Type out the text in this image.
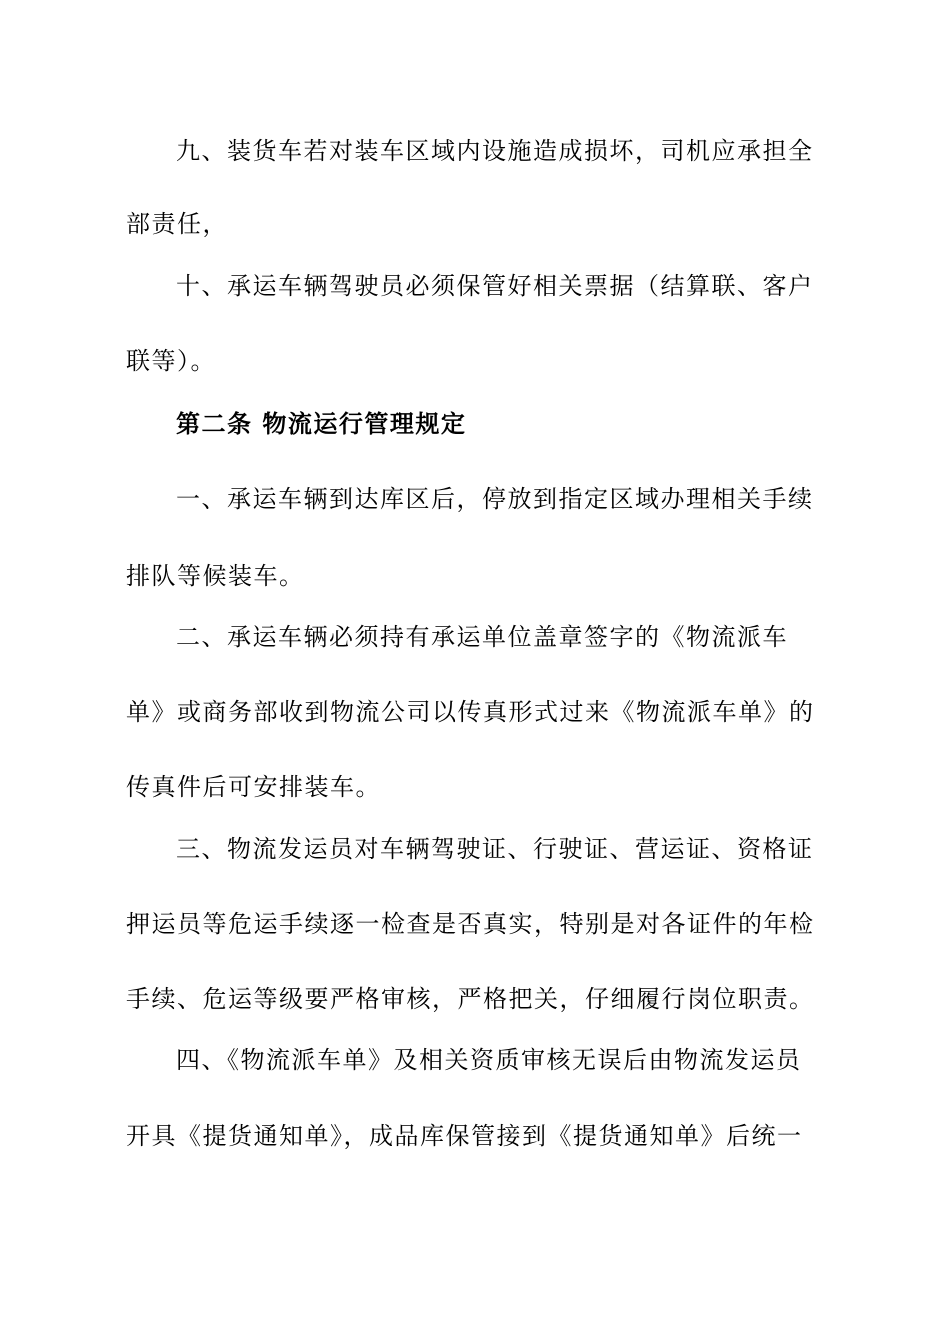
九、装货车若对装车区域内设施造成损坏，司机应承担全
部责任，
十、承运车辆驾驶员必须保管好相关票据（结算联、客户
联等）。
第二条 物流运行管理规定
一、承运车辆到达库区后，停放到指定区域办理相关手续
排队等候装车。
二、承运车辆必须持有承运单位盖章签字的《物流派车
单》或商务部收到物流公司以传真形式过来《物流派车单》的
传真件后可安排装车。
三、物流发运员对车辆驾驶证、行驶证、营运证、资格证
押运员等危运手续逐一检查是否真实，特别是对各证件的年检
手续、危运等级要严格审核，严格把关，仔细履行岗位职责。
四、《物流派车单》及相关资质审核无误后由物流发运员
开具《提货通知单》，成品库保管接到《提货通知单》后统一
